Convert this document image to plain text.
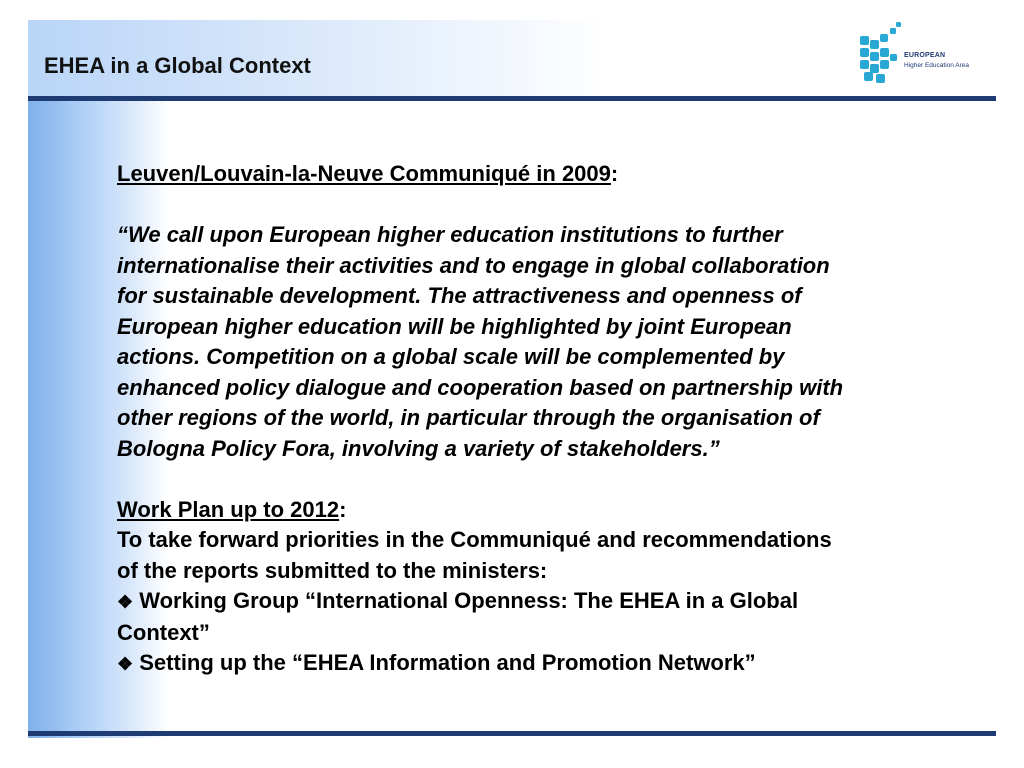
EHEA in a Global Context	EUROPEAN
Higher Education Area

Leuven/Louvain-la-Neuve Communiqué in 2009:

“We call upon European higher education institutions to further

internationalise their activities and to engage in global collaboration

for sustainable development. The attractiveness and openness of

European higher education will be highlighted by joint European

actions. Competition on a global scale will be complemented by

enhanced policy dialogue and cooperation based on partnership with

other regions of the world, in particular through the organisation of

Bologna Policy Fora, involving a variety of stakeholders.”

Work Plan up to 2012:

To take forward priorities in the Communiqué and recommendations

of the reports submitted to the ministers:

❖ Working Group “International Openness: The EHEA in a Global

Context”

❖ Setting up the “EHEA Information and Promotion Network”
